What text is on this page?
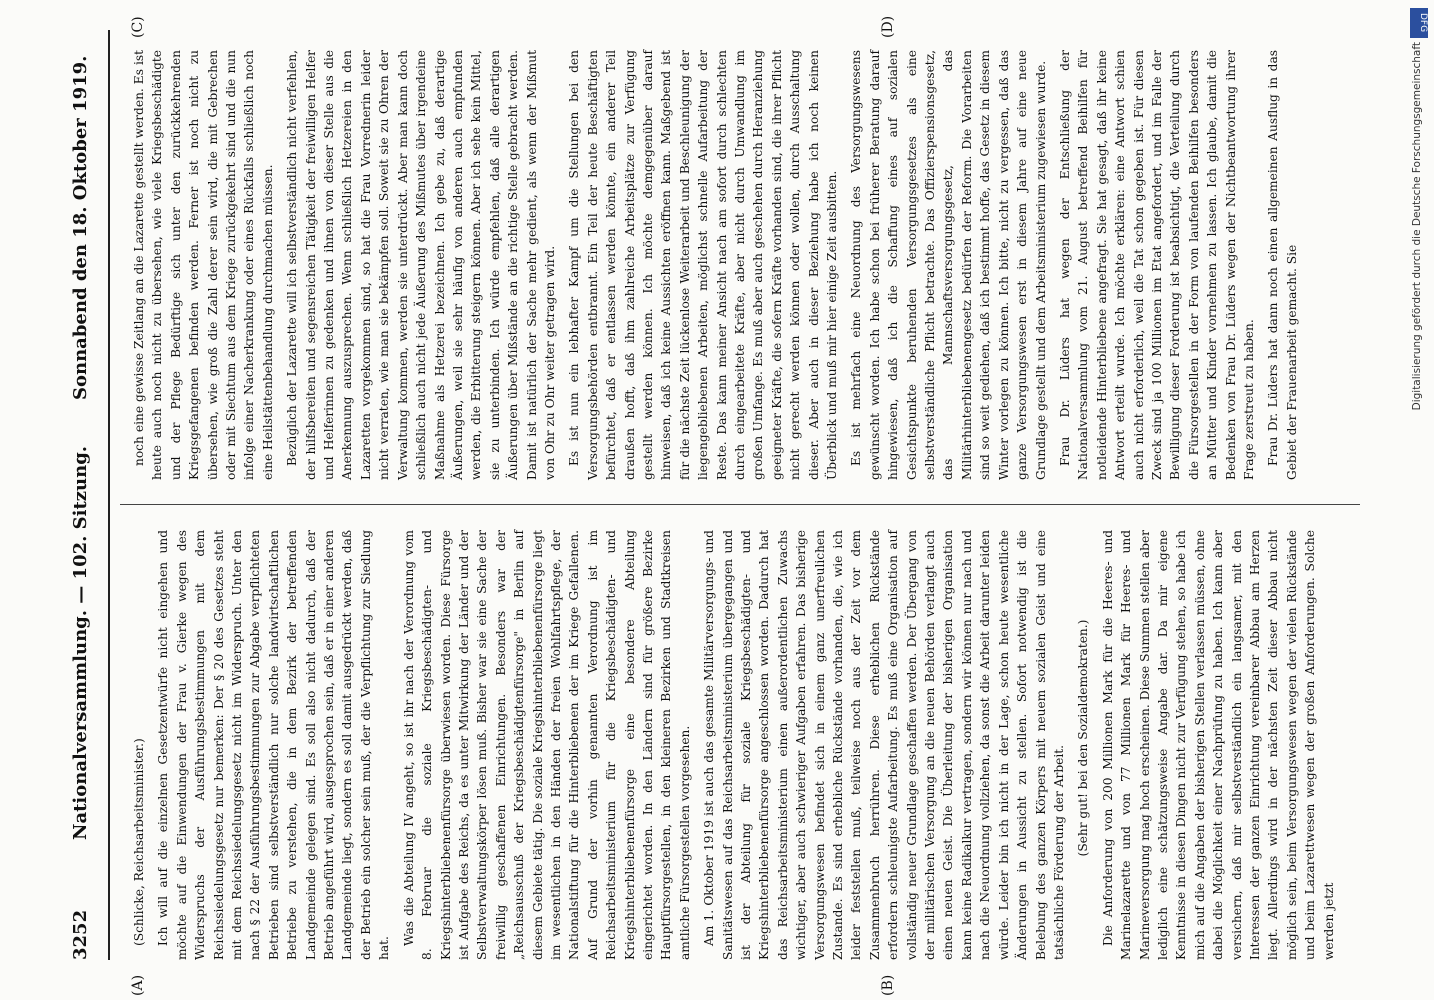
3252
Nationalversammlung. — 102. Sitzung.
Sonnabend den 18. Oktober 1919.
(A)	(B)
(C)	(D)

(Schlicke, Reichsarbeitsminister.) Ich will auf die einzelnen Gesetzentwürfe nicht eingehen und möchte auf die Einwendungen der Frau v. Gierke wegen des Widerspruchs der Ausführungsbestimmungen mit dem Reichssiedelungsgesetz nur bemerken: Der § 20 des Gesetzes steht mit dem Reichssiedelungsgesetz nicht im Widerspruch. Unter den nach § 22 der Ausführungsbestimmungen zur Abgabe verpflichteten Betrieben sind selbstverständlich nur solche landwirtschaftlichen Betriebe zu verstehen, die in dem Bezirk der betreffenden Landgemeinde gelegen sind. Es soll also nicht dadurch, daß der Betrieb angeführt wird, ausgesprochen sein, daß er in einer anderen Landgemeinde liegt, sondern es soll damit ausgedrückt werden, daß der Betrieb ein solcher sein muß, der die Verpflichtung zur Siedlung hat.

Was die Abteilung IV angeht, so ist ihr nach der Verordnung vom 8. Februar die soziale Kriegsbeschädigten- und Kriegshinterbliebenenfürsorge überwiesen worden. Diese Fürsorge ist Aufgabe des Reichs, da es unter Mitwirkung der Länder und der Selbstverwaltungskörper lösen muß. Bisher war sie eine Sache der freiwillig geschaffenen Einrichtungen. Besonders war der „Reichsausschuß der Kriegsbeschädigtenfürsorge" in Berlin auf diesem Gebiete tätig. Die soziale Kriegshinterbliebenenfürsorge liegt im wesentlichen in den Händen der freien Wohlfahrtspflege, der Nationalstiftung für die Hinterbliebenen der im Kriege Gefallenen. Auf Grund der vorhin genannten Verordnung ist im Reichsarbeitsministerium für die Kriegsbeschädigten- und Kriegshinterbliebenenfürsorge eine besondere Abteilung eingerichtet worden. In den Ländern sind für größere Bezirke Hauptfürsorgestellen, in den kleineren Bezirken und Stadtkreisen amtliche Fürsorgestellen vorgesehen. Am 1. Oktober 1919 ist auch das gesamte Militärversorgungs- und Sanitätswesen auf das Reichsarbeitsministerium übergegangen und ist der Abteilung für soziale Kriegsbeschädigten- und Kriegshinterbliebenenfürsorge angeschlossen worden. Dadurch hat das Reichsarbeitsministerium einen außerordentlichen Zuwachs wichtiger, aber auch schwieriger Aufgaben erfahren. Das bisherige Versorgungswesen befindet sich in einem ganz unerfreulichen Zustande. Es sind erhebliche Rückstände vorhanden, die, wie ich leider feststellen muß, teilweise noch aus der Zeit vor dem Zusammenbruch herrühren. Diese erheblichen Rückstände erfordern schleunigste Aufarbeitung. Es muß eine Organisation auf vollständig neuer Grundlage geschaffen werden. Der Übergang von der militärischen Versorgung an die neuen Behörden verlangt auch einen neuen Geist. Die Überleitung der bisherigen Organisation kann keine Radikalkur vertragen, sondern wir können nur nach und nach die Neuordnung vollziehen, da sonst die Arbeit darunter leiden würde. Leider bin ich nicht in der Lage, schon heute wesentliche Änderungen in Aussicht zu stellen. Sofort notwendig ist die Belebung des ganzen Körpers mit neuem sozialen Geist und eine tatsächliche Förderung der Arbeit. (Sehr gut! bei den Sozialdemokraten.) Die Anforderung von 200 Millionen Mark für die Heeres- und Marinelazarette und von 77 Millionen Mark für Heeres- und Marineversorgung mag hoch erscheinen. Diese Summen stellen aber lediglich eine schätzungsweise Angabe dar. Da mir eigene Kenntnisse in diesen Dingen nicht zur Verfügung stehen, so habe ich mich auf die Angaben der bisherigen Stellen verlassen müssen, ohne dabei die Möglichkeit einer Nachprüfung zu haben. Ich kann aber versichern, daß mir selbstverständlich ein langsamer, mit den Interessen der ganzen Einrichtung vereinbarer Abbau am Herzen liegt. Allerdings wird in der nächsten Zeit dieser Abbau nicht möglich sein, beim Versorgungswesen wegen der vielen Rückstände und beim Lazarettwesen wegen der großen Anforderungen. Solche werden jetzt

noch eine gewisse Zeitlang an die Lazarette gestellt werden. Es ist heute auch noch nicht zu übersehen, wie viele Kriegsbeschädigte und der Pflege Bedürftige sich unter den zurückkehrenden Kriegsgefangenen befinden werden. Ferner ist noch nicht zu übersehen, wie groß die Zahl derer sein wird, die mit Gebrechen oder mit Siechtum aus dem Kriege zurückgekehrt sind und die nun infolge einer Nacherkrankung oder eines Rückfalls schließlich noch eine Heilstättenbehandlung durchmachen müssen. Bezüglich der Lazarette will ich selbstverständlich nicht verfehlen, der hilfsbereiten und segensreichen Tätigkeit der freiwilligen Helfer und Helferinnen zu gedenken und ihnen von dieser Stelle aus die Anerkennung auszusprechen. Wenn schließlich Hetzereien in den Lazaretten vorgekommen sind, so hat die Frau Vorrednerin leider nicht verraten, wie man sie bekämpfen soll. Soweit sie zu Ohren der Verwaltung kommen, werden sie unterdrückt. Aber man kann doch schließlich auch nicht jede Äußerung des Mißmutes über irgendeine Maßnahme als Hetzerei bezeichnen. Ich gebe zu, daß derartige Äußerungen, weil sie sehr häufig von anderen auch empfunden werden, die Erbitterung steigern können. Aber ich sehe kein Mittel, sie zu unterbinden. Ich würde empfehlen, daß alle derartigen Äußerungen über Mißstände an die richtige Stelle gebracht werden. Damit ist natürlich der Sache mehr gedient, als wenn der Mißmut von Ohr zu Ohr weiter getragen wird. Es ist nun ein lebhafter Kampf um die Stellungen bei den Versorgungsbehörden entbrannt. Ein Teil der heute Beschäftigten befürchtet, daß er entlassen werden könnte, ein anderer Teil draußen hofft, daß ihm zahlreiche Arbeitsplätze zur Verfügung gestellt werden können. Ich möchte demgegenüber darauf hinweisen, daß ich keine Aussichten eröffnen kann. Maßgebend ist für die nächste Zeit lückenlose Weiterarbeit und Beschleunigung der liegengebliebenen Arbeiten, möglichst schnelle Aufarbeitung der Reste. Das kann meiner Ansicht nach am sofort durch schlechten durch eingearbeitete Kräfte, aber nicht durch Umwandlung im großen Umfange. Es muß aber auch geschehen durch Heranziehung geeigneter Kräfte, die sofern Kräfte vorhanden sind, die ihrer Pflicht nicht gerecht werden können oder wollen, durch Ausschaltung dieser. Aber auch in dieser Beziehung habe ich noch keinen Überblick und muß mir hier einige Zeit ausbitten. Es ist mehrfach eine Neuordnung des Versorgungswesens gewünscht worden. Ich habe schon bei früherer Beratung darauf hingewiesen, daß ich die Schaffung eines auf sozialen Gesichtspunkte beruhenden Versorgungsgesetzes als eine selbstverständliche Pflicht betrachte. Das Offizierspensionsgesetz, das Mannschaftsversorgungsgesetz, das Militärhinterbliebenengesetz bedürfen der Reform. Die Vorarbeiten sind so weit gediehen, daß ich bestimmt hoffe, das Gesetz in diesem Winter vorlegen zu können. Ich bitte, nicht zu vergessen, daß das ganze Versorgungswesen erst in diesem Jahre auf eine neue Grundlage gestellt und dem Arbeitsministerium zugewiesen wurde. Frau Dr. Lüders hat wegen der Entschließung der Nationalversammlung vom 21. August betreffend Beihilfen für notleidende Hinterbliebene angefragt. Sie hat gesagt, daß ihr keine Antwort erteilt wurde. Ich möchte erklären: eine Antwort schien auch nicht erforderlich, weil die Tat schon gegeben ist. Für diesen Zweck sind ja 100 Millionen im Etat angefordert, und im Falle der Bewilligung dieser Forderung ist beabsichtigt, die Verteilung durch die Fürsorgestellen in der Form von laufenden Beihilfen besonders an Mütter und Kinder vornehmen zu lassen. Ich glaube, damit die Bedenken von Frau Dr. Lüders wegen der Nichtbeantwortung ihrer Frage zerstreut zu haben. Frau Dr. Lüders hat dann noch einen allgemeinen Ausflug in das Gebiet der Frauenarbeit gemacht. Sie

DFG
Digitalisierung gefördert durch die Deutsche Forschungsgemeinschaft
